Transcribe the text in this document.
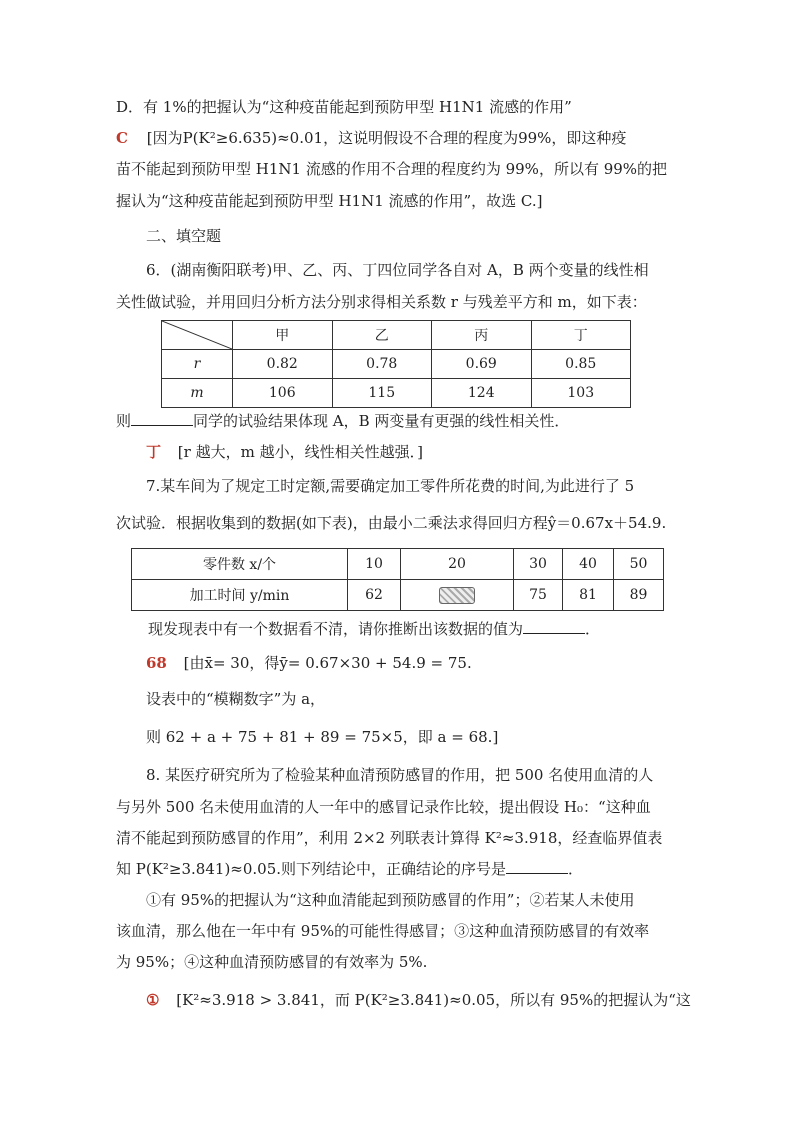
D．有 1%的把握认为“这种疫苗能起到预防甲型 H1N1 流感的作用”
C [因为P(K²≥6.635)≈0.01，这说明假设不合理的程度为99%，即这种疫
苗不能起到预防甲型 H1N1 流感的作用不合理的程度约为 99%，所以有 99%的把
握认为“这种疫苗能起到预防甲型 H1N1 流感的作用”，故选 C.]
二、填空题
6．(湖南衡阳联考)甲、乙、丙、丁四位同学各自对 A，B 两个变量的线性相
关性做试验，并用回归分析方法分别求得相关系数 r 与残差平方和 m，如下表：
	甲	乙	丙	丁
r	0.82	0.78	0.69	0.85
m	106	115	124	103
则	同学的试验结果体现 A，B 两变量有更强的线性相关性．
丁 [r 越大，m 越小，线性相关性越强．]
7.某车间为了规定工时定额,需要确定加工零件所花费的时间,为此进行了 5
次试验．根据收集到的数据(如下表)，由最小二乘法求得回归方程ŷ＝0.67x＋54.9.
零件数 x/个	10	20	30	40	50
加工时间 y/min	62		75	81	89
现发现表中有一个数据看不清，请你推断出该数据的值为	．
68 [由x̄= 30，得ȳ= 0.67×30 + 54.9 = 75.
设表中的“模糊数字”为 a，
则 62 + a + 75 + 81 + 89 = 75×5，即 a = 68.]
8. 某医疗研究所为了检验某种血清预防感冒的作用，把 500 名使用血清的人
与另外 500 名未使用血清的人一年中的感冒记录作比较，提出假设 H₀：“这种血
清不能起到预防感冒的作用”，利用 2×2 列联表计算得 K²≈3.918，经查临界值表
知 P(K²≥3.841)≈0.05.则下列结论中，正确结论的序号是	．
①有 95%的把握认为“这种血清能起到预防感冒的作用”；②若某人未使用
该血清，那么他在一年中有 95%的可能性得感冒；③这种血清预防感冒的有效率
为 95%；④这种血清预防感冒的有效率为 5%.
① [K²≈3.918 > 3.841，而 P(K²≥3.841)≈0.05，所以有 95%的把握认为“这
